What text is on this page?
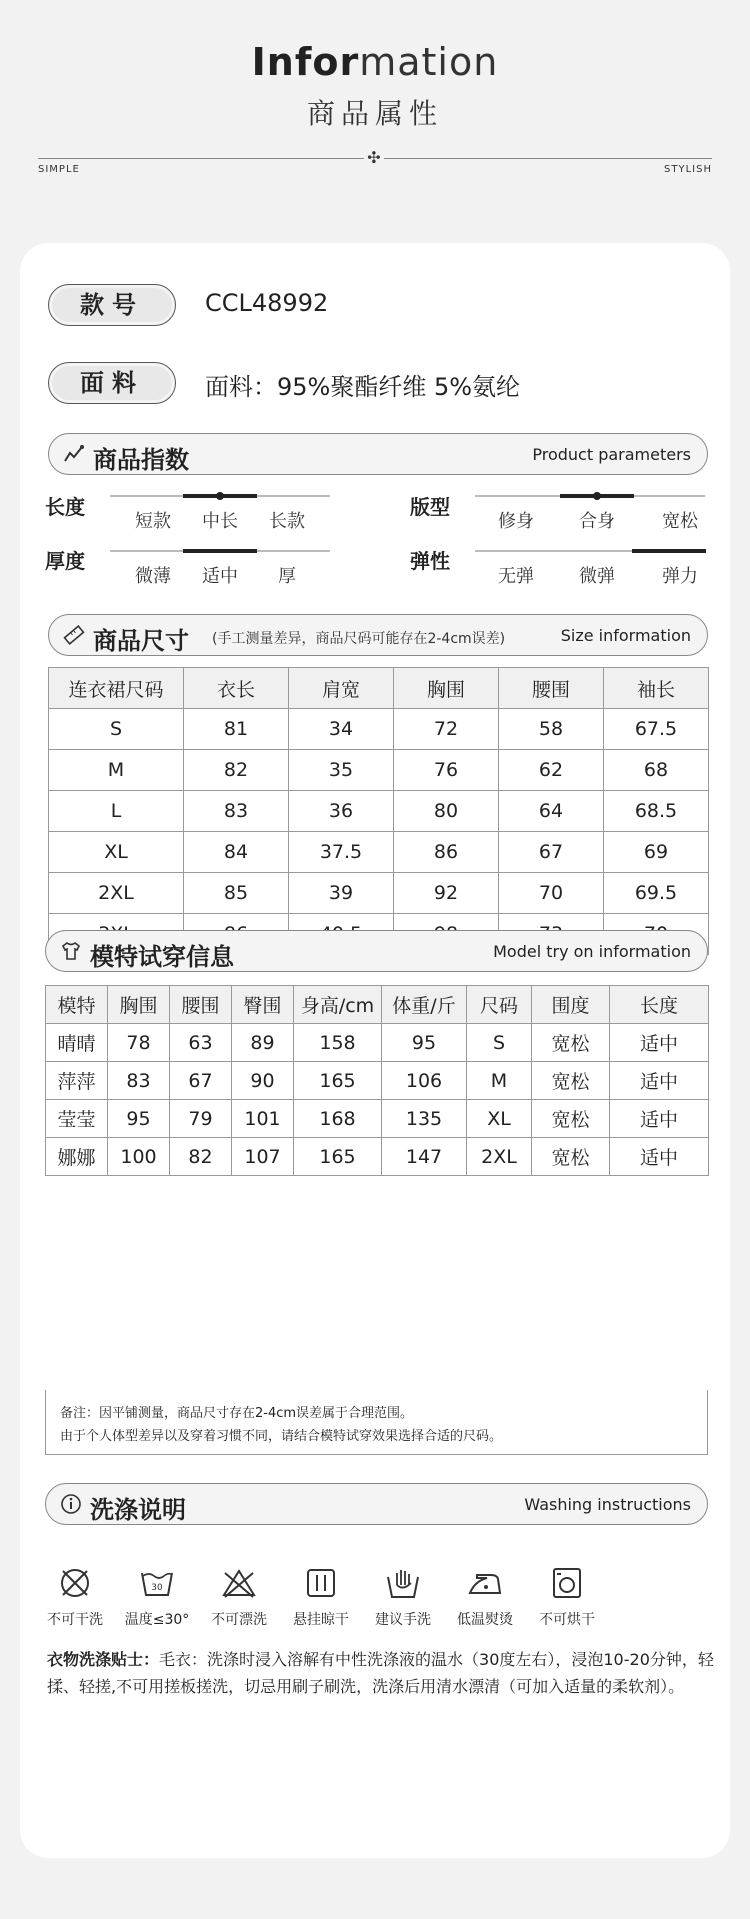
Information
商品属性
✣
SIMPLE	STYLISH
款号	CCL48992
面料	面料：95%聚酯纤维 5%氨纶
商品指数	Product parameters
长度
短款	中长	长款
版型
修身	合身	宽松
厚度
微薄	适中	厚
弹性
无弹	微弹	弹力
商品尺寸 (手工测量差异，商品尺码可能存在2-4cm误差)	Size information
连衣裙尺码	衣长	肩宽	胸围	腰围	袖长
S	81	34	72	58	67.5
M	82	35	76	62	68
L	83	36	80	64	68.5
XL	84	37.5	86	67	69
2XL	85	39	92	70	69.5

模特试穿信息	Model try on information
模特	胸围	腰围	臀围	身高/cm	体重/斤	尺码	围度	长度
晴晴	78	63	89	158	95	S	宽松	适中
萍萍	83	67	90	165	106	M	宽松	适中
莹莹	95	79	101	168	135	XL	宽松	适中
娜娜	100	82	107	165	147	2XL	宽松	适中
备注：因平铺测量，商品尺寸存在2-4cm误差属于合理范围。
由于个人体型差异以及穿着习惯不同，请结合模特试穿效果选择合适的尺码。
洗涤说明	Washing instructions
不可干洗
30
温度≤30°	不可漂洗	悬挂晾干	建议手洗	低温熨烫	不可烘干
衣物洗涤贴士：毛衣：洗涤时浸入溶解有中性洗涤液的温水（30度左右），浸泡10-20分钟，轻揉、轻搓,不可用搓板搓洗，切忌用刷子刷洗，洗涤后用清水漂清（可加入适量的柔软剂）。
